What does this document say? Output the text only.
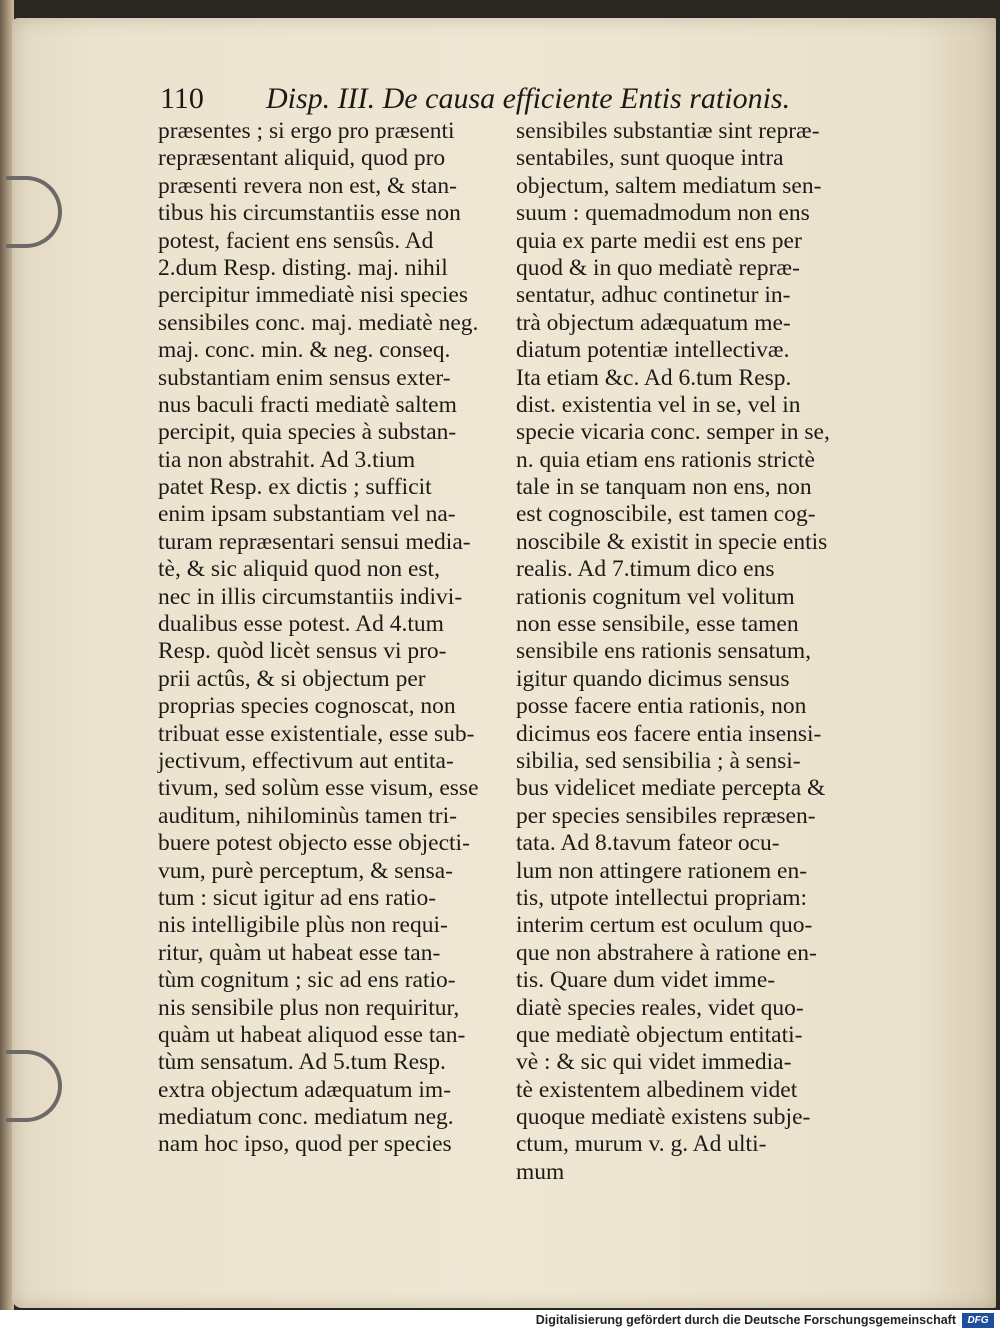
110 Disp. III. De causa efficiente Entis rationis.
præsentes ; si ergo pro præsenti
repræsentant aliquid, quod pro
præsenti revera non est, & stan-
tibus his circumstantiis esse non
potest, facient ens sensûs. Ad
2.dum Resp. disting. maj. nihil
percipitur immediatè nisi species
sensibiles conc. maj. mediatè neg.
maj. conc. min. & neg. conseq.
substantiam enim sensus exter-
nus baculi fracti mediatè saltem
percipit, quia species à substan-
tia non abstrahit. Ad 3.tium
patet Resp. ex dictis ; sufficit
enim ipsam substantiam vel na-
turam repræsentari sensui media-
tè, & sic aliquid quod non est,
nec in illis circumstantiis indivi-
dualibus esse potest. Ad 4.tum
Resp. quòd licèt sensus vi pro-
prii actûs, & si objectum per
proprias species cognoscat, non
tribuat esse existentiale, esse sub-
jectivum, effectivum aut entita-
tivum, sed solùm esse visum, esse
auditum, nihilominùs tamen tri-
buere potest objecto esse objecti-
vum, purè perceptum, & sensa-
tum : sicut igitur ad ens ratio-
nis intelligibile plùs non requi-
ritur, quàm ut habeat esse tan-
tùm cognitum ; sic ad ens ratio-
nis sensibile plus non requiritur,
quàm ut habeat aliquod esse tan-
tùm sensatum. Ad 5.tum Resp.
extra objectum adæquatum im-
mediatum conc. mediatum neg.
nam hoc ipso, quod per species
sensibiles substantiæ sint repræ-
sentabiles, sunt quoque intra
objectum, saltem mediatum sen-
suum : quemadmodum non ens
quia ex parte medii est ens per
quod & in quo mediatè repræ-
sentatur, adhuc continetur in-
trà objectum adæquatum me-
diatum potentiæ intellectivæ.
Ita etiam &c. Ad 6.tum Resp.
dist. existentia vel in se, vel in
specie vicaria conc. semper in se,
n. quia etiam ens rationis strictè
tale in se tanquam non ens, non
est cognoscibile, est tamen cog-
noscibile & existit in specie entis
realis. Ad 7.timum dico ens
rationis cognitum vel volitum
non esse sensibile, esse tamen
sensibile ens rationis sensatum,
igitur quando dicimus sensus
posse facere entia rationis, non
dicimus eos facere entia insensi-
sibilia, sed sensibilia ; à sensi-
bus videlicet mediate percepta &
per species sensibiles repræsen-
tata. Ad 8.tavum fateor ocu-
lum non attingere rationem en-
tis, utpote intellectui propriam:
interim certum est oculum quo-
que non abstrahere à ratione en-
tis. Quare dum videt imme-
diatè species reales, videt quo-
que mediatè objectum entitati-
vè : & sic qui videt immedia-
tè existentem albedinem videt
quoque mediatè existens subje-
ctum, murum v. g. Ad ulti-
mum
Digitalisierung gefördert durch die Deutsche Forschungsgemeinschaft	DFG
